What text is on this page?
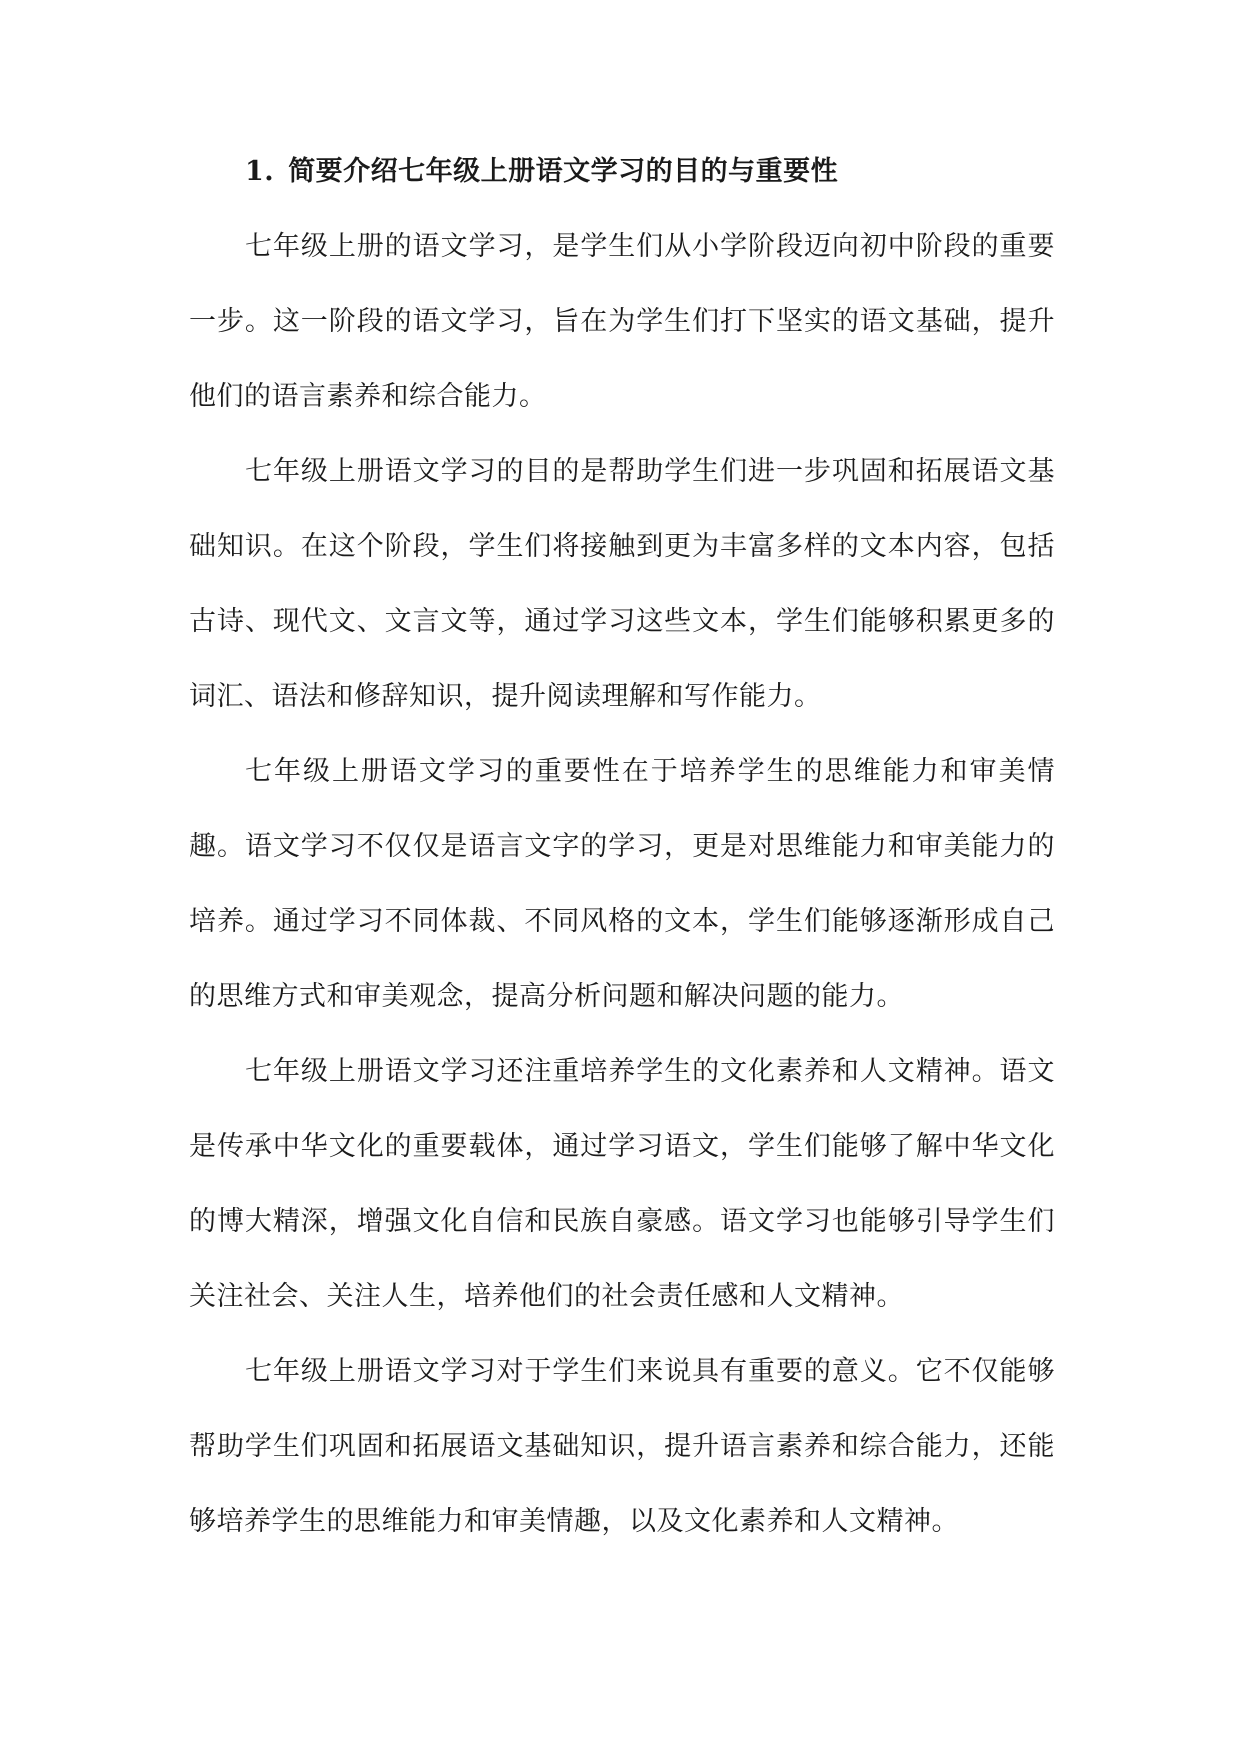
1. 简要介绍七年级上册语文学习的目的与重要性

七年级上册的语文学习，是学生们从小学阶段迈向初中阶段的重要一步。这一阶段的语文学习，旨在为学生们打下坚实的语文基础，提升他们的语言素养和综合能力。

七年级上册语文学习的目的是帮助学生们进一步巩固和拓展语文基础知识。在这个阶段，学生们将接触到更为丰富多样的文本内容，包括古诗、现代文、文言文等，通过学习这些文本，学生们能够积累更多的词汇、语法和修辞知识，提升阅读理解和写作能力。

七年级上册语文学习的重要性在于培养学生的思维能力和审美情趣。语文学习不仅仅是语言文字的学习，更是对思维能力和审美能力的培养。通过学习不同体裁、不同风格的文本，学生们能够逐渐形成自己的思维方式和审美观念，提高分析问题和解决问题的能力。

七年级上册语文学习还注重培养学生的文化素养和人文精神。语文是传承中华文化的重要载体，通过学习语文，学生们能够了解中华文化的博大精深，增强文化自信和民族自豪感。语文学习也能够引导学生们关注社会、关注人生，培养他们的社会责任感和人文精神。

七年级上册语文学习对于学生们来说具有重要的意义。它不仅能够帮助学生们巩固和拓展语文基础知识，提升语言素养和综合能力，还能够培养学生的思维能力和审美情趣，以及文化素养和人文精神。
